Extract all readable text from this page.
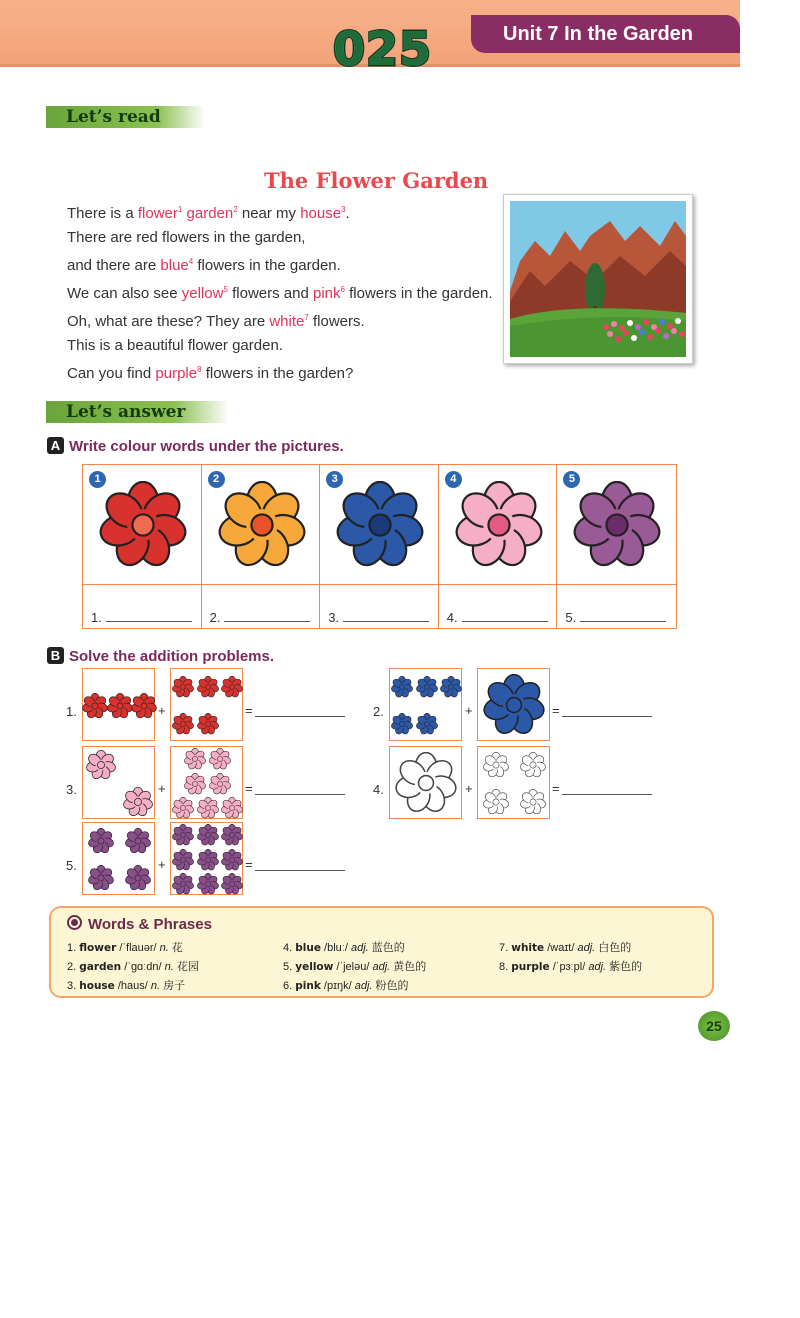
025	Unit 7 In the Garden
Let’s read
The Flower Garden
There is a flower$^1$ garden$^2$ near my house$^3$.
There are red flowers in the garden,
and there are blue$^4$ flowers in the garden.
We can also see yellow$^5$ flowers and pink$^6$ flowers in the garden.
Oh, what are these? They are white$^7$ flowers.
This is a beautiful flower garden.
Can you find purple$^8$ flowers in the garden?
Let’s answer
A Write colour words under the pictures.
1	2	3	4	5
1.	2.	3.	4.	5.
B Solve the addition problems.
1.	+	=	2.	+	=
3.	+	=	4.	+	=
5.	+	=
Words & Phrases
1. flower /ˈflauər/ n. 花
2. garden /ˈgɑːdn/ n. 花园
3. house /haus/ n. 房子
4. blue /bluː/ adj. 蓝色的
5. yellow /ˈjeləu/ adj. 黄色的
6. pink /pɪŋk/ adj. 粉色的
7. white /waɪt/ adj. 白色的
8. purple /ˈpɜːpl/ adj. 紫色的
25
